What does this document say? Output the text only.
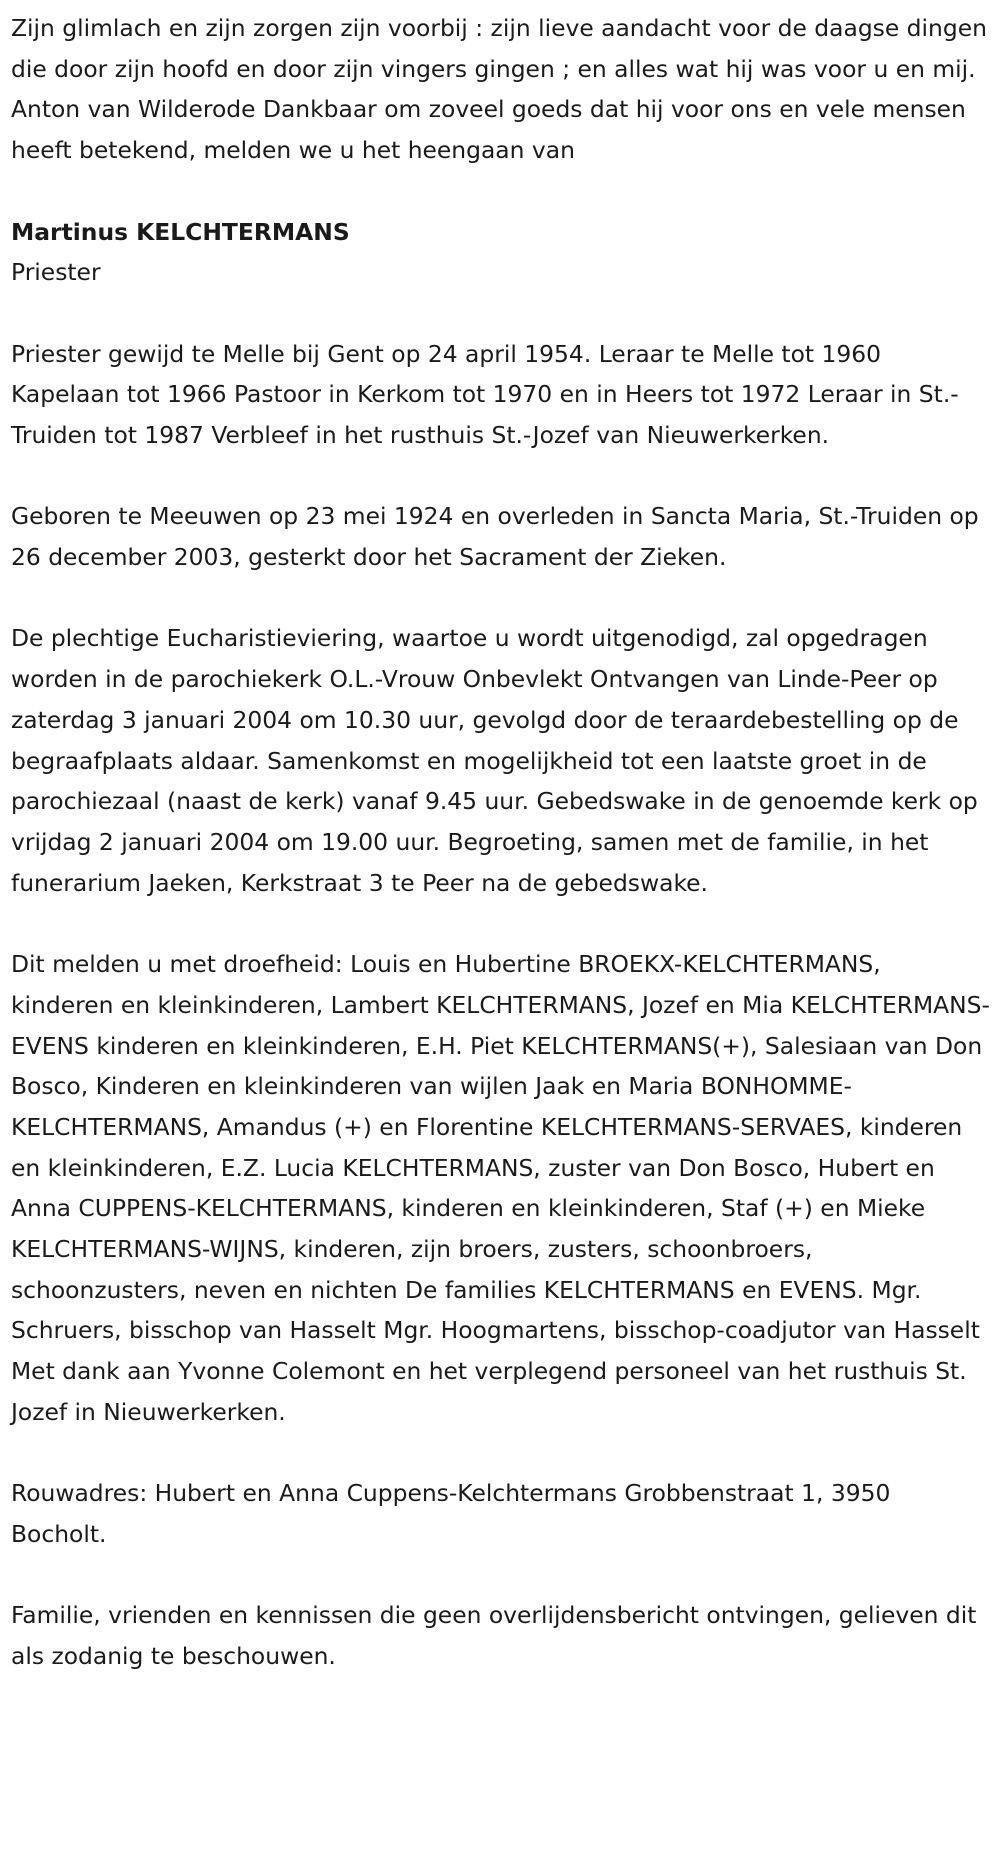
Zijn glimlach en zijn zorgen zijn voorbij : zijn lieve aandacht voor de daagse dingen die door zijn hoofd en door zijn vingers gingen ; en alles wat hij was voor u en mij. Anton van Wilderode Dankbaar om zoveel goeds dat hij voor ons en vele mensen heeft betekend, melden we u het heengaan van

Martinus KELCHTERMANS

Priester

Priester gewijd te Melle bij Gent op 24 april 1954. Leraar te Melle tot 1960 Kapelaan tot 1966 Pastoor in Kerkom tot 1970 en in Heers tot 1972 Leraar in St.-Truiden tot 1987 Verbleef in het rusthuis St.-Jozef van Nieuwerkerken.

Geboren te Meeuwen op 23 mei 1924 en overleden in Sancta Maria, St.-Truiden op 26 december 2003, gesterkt door het Sacrament der Zieken.

De plechtige Eucharistieviering, waartoe u wordt uitgenodigd, zal opgedragen worden in de parochiekerk O.L.-Vrouw Onbevlekt Ontvangen van Linde-Peer op zaterdag 3 januari 2004 om 10.30 uur, gevolgd door de teraardebestelling op de begraafplaats aldaar. Samenkomst en mogelijkheid tot een laatste groet in de parochiezaal (naast de kerk) vanaf 9.45 uur. Gebedswake in de genoemde kerk op vrijdag 2 januari 2004 om 19.00 uur. Begroeting, samen met de familie, in het funerarium Jaeken, Kerkstraat 3 te Peer na de gebedswake.

Dit melden u met droefheid: Louis en Hubertine BROEKX-KELCHTERMANS, kinderen en kleinkinderen, Lambert KELCHTERMANS, Jozef en Mia KELCHTERMANS-EVENS kinderen en kleinkinderen, E.H. Piet KELCHTERMANS(+), Salesiaan van Don Bosco, Kinderen en kleinkinderen van wijlen Jaak en Maria BONHOMME-KELCHTERMANS, Amandus (+) en Florentine KELCHTERMANS-SERVAES, kinderen en kleinkinderen, E.Z. Lucia KELCHTERMANS, zuster van Don Bosco, Hubert en Anna CUPPENS-KELCHTERMANS, kinderen en kleinkinderen, Staf (+) en Mieke KELCHTERMANS-WIJNS, kinderen, zijn broers, zusters, schoonbroers, schoonzusters, neven en nichten De families KELCHTERMANS en EVENS. Mgr. Schruers, bisschop van Hasselt Mgr. Hoogmartens, bisschop-coadjutor van Hasselt Met dank aan Yvonne Colemont en het verplegend personeel van het rusthuis St. Jozef in Nieuwerkerken.

Rouwadres: Hubert en Anna Cuppens-Kelchtermans Grobbenstraat 1, 3950 Bocholt.

Familie, vrienden en kennissen die geen overlijdensbericht ontvingen, gelieven dit als zodanig te beschouwen.
